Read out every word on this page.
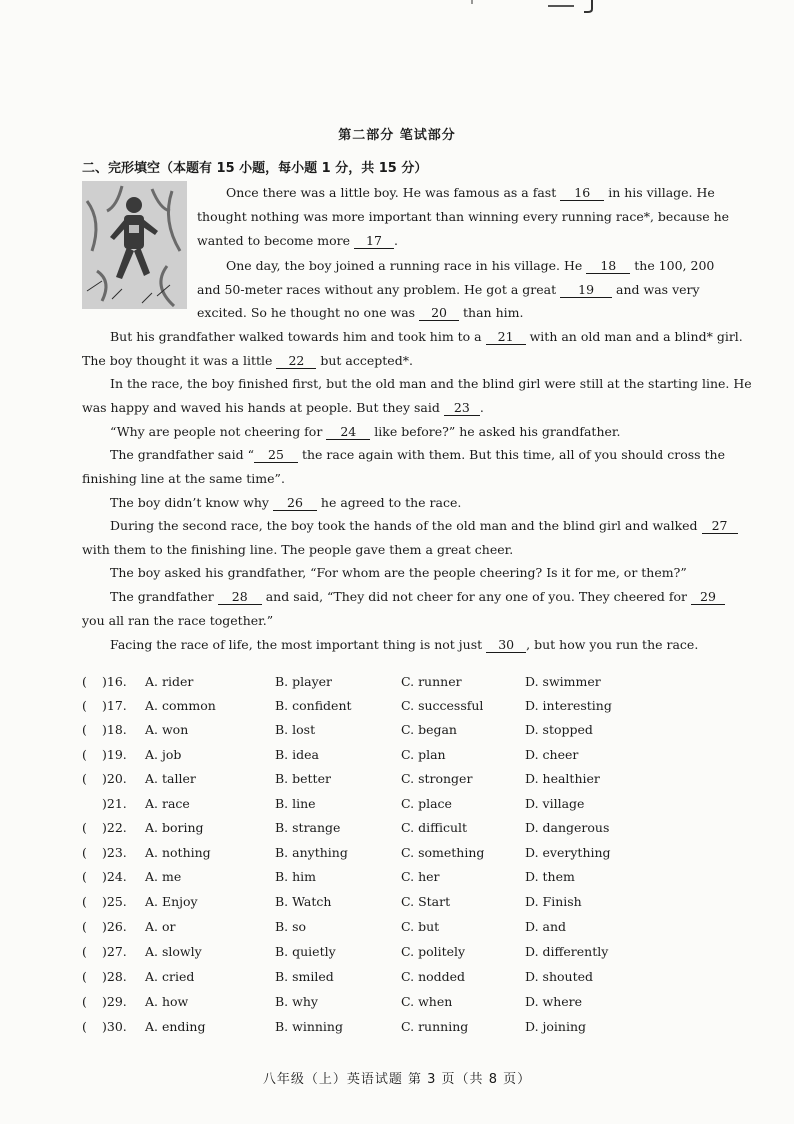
第二部分 笔试部分
二、完形填空（本题有 15 小题，每小题 1 分，共 15 分）
Once there was a little boy. He was famous as a fast 16 in his village. He
thought nothing was more important than winning every running race*, because he
wanted to become more 17 .
One day, the boy joined a running race in his village. He 18 the 100, 200
and 50-meter races without any problem. He got a great 19 and was very
excited. So he thought no one was 20 than him.
But his grandfather walked towards him and took him to a 21 with an old man and a blind* girl.
The boy thought it was a little 22 but accepted*.
In the race, the boy finished first, but the old man and the blind girl were still at the starting line. He
was happy and waved his hands at people. But they said 23 .
“Why are people not cheering for 24 like before?” he asked his grandfather.
The grandfather said “ 25 the race again with them. But this time, all of you should cross the
finishing line at the same time”.
The boy didn’t know why 26 he agreed to the race.
During the second race, the boy took the hands of the old man and the blind girl and walked 27
with them to the finishing line. The people gave them a great cheer.
The boy asked his grandfather, “For whom are the people cheering? Is it for me, or them?”
The grandfather 28 and said, “They did not cheer for any one of you. They cheered for 29
you all ran the race together.”
Facing the race of life, the most important thing is not just 30 , but how you run the race.
( )16. A. rider	B. player	C. runner	D. swimmer
( )17. A. common	B. confident	C. successful	D. interesting
( )18. A. won	B. lost	C. began	D. stopped
( )19. A. job	B. idea	C. plan	D. cheer
( )20. A. taller	B. better	C. stronger	D. healthier
)21. A. race	B. line	C. place	D. village
( )22. A. boring	B. strange	C. difficult	D. dangerous
( )23. A. nothing	B. anything	C. something	D. everything
( )24. A. me	B. him	C. her	D. them
( )25. A. Enjoy	B. Watch	C. Start	D. Finish
( )26. A. or	B. so	C. but	D. and
( )27. A. slowly	B. quietly	C. politely	D. differently
( )28. A. cried	B. smiled	C. nodded	D. shouted
( )29. A. how	B. why	C. when	D. where
( )30. A. ending	B. winning	C. running	D. joining
八年级（上）英语试题 第 3 页（共 8 页）
